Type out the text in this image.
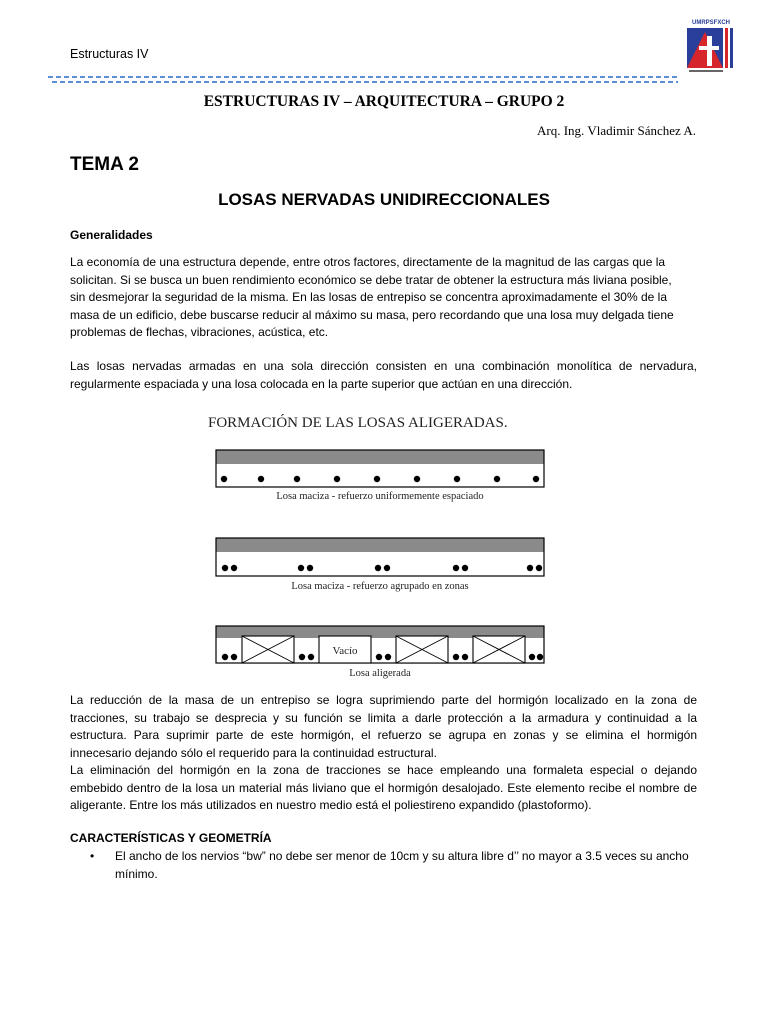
Estructuras IV
UMRPSFXCH
ESTRUCTURAS IV – ARQUITECTURA – GRUPO 2
Arq. Ing. Vladimir Sánchez A.
TEMA 2
LOSAS NERVADAS UNIDIRECCIONALES
Generalidades
La economía de una estructura depende, entre otros factores, directamente de la magnitud de las cargas que la
solicitan. Si se busca un buen rendimiento económico se debe tratar de obtener la estructura más liviana posible,
sin desmejorar la seguridad de la misma. En las losas de entrepiso se concentra aproximadamente el 30% de la
masa de un edificio, debe buscarse reducir al máximo su masa, pero recordando que una losa muy delgada tiene
problemas de flechas, vibraciones, acústica, etc.

Las losas nervadas armadas en una sola dirección consisten en una combinación monolítica de nervadura, regularmente espaciada y una losa colocada en la parte superior que actúan en una dirección.

FORMACIÓN DE LAS LOSAS ALIGERADAS.
Losa maciza - refuerzo uniformemente espaciado
Losa maciza - refuerzo agrupado en zonas
Vacío
Losa aligerada

La reducción de la masa de un entrepiso se logra suprimiendo parte del hormigón localizado en la zona de tracciones, su trabajo se desprecia y su función se limita a darle protección a la armadura y continuidad a la estructura. Para suprimir parte de este hormigón, el refuerzo se agrupa en zonas y se elimina el hormigón innecesario dejando sólo el requerido para la continuidad estructural.

La eliminación del hormigón en la zona de tracciones se hace empleando una formaleta especial o dejando embebido dentro de la losa un material más liviano que el hormigón desalojado. Este elemento recibe el nombre de aligerante. Entre los más utilizados en nuestro medio está el poliestireno expandido (plastoformo).

CARACTERÍSTICAS Y GEOMETRÍA
• El ancho de los nervios “bw” no debe ser menor de 10cm y su altura libre d’’ no mayor a 3.5 veces su ancho mínimo.
